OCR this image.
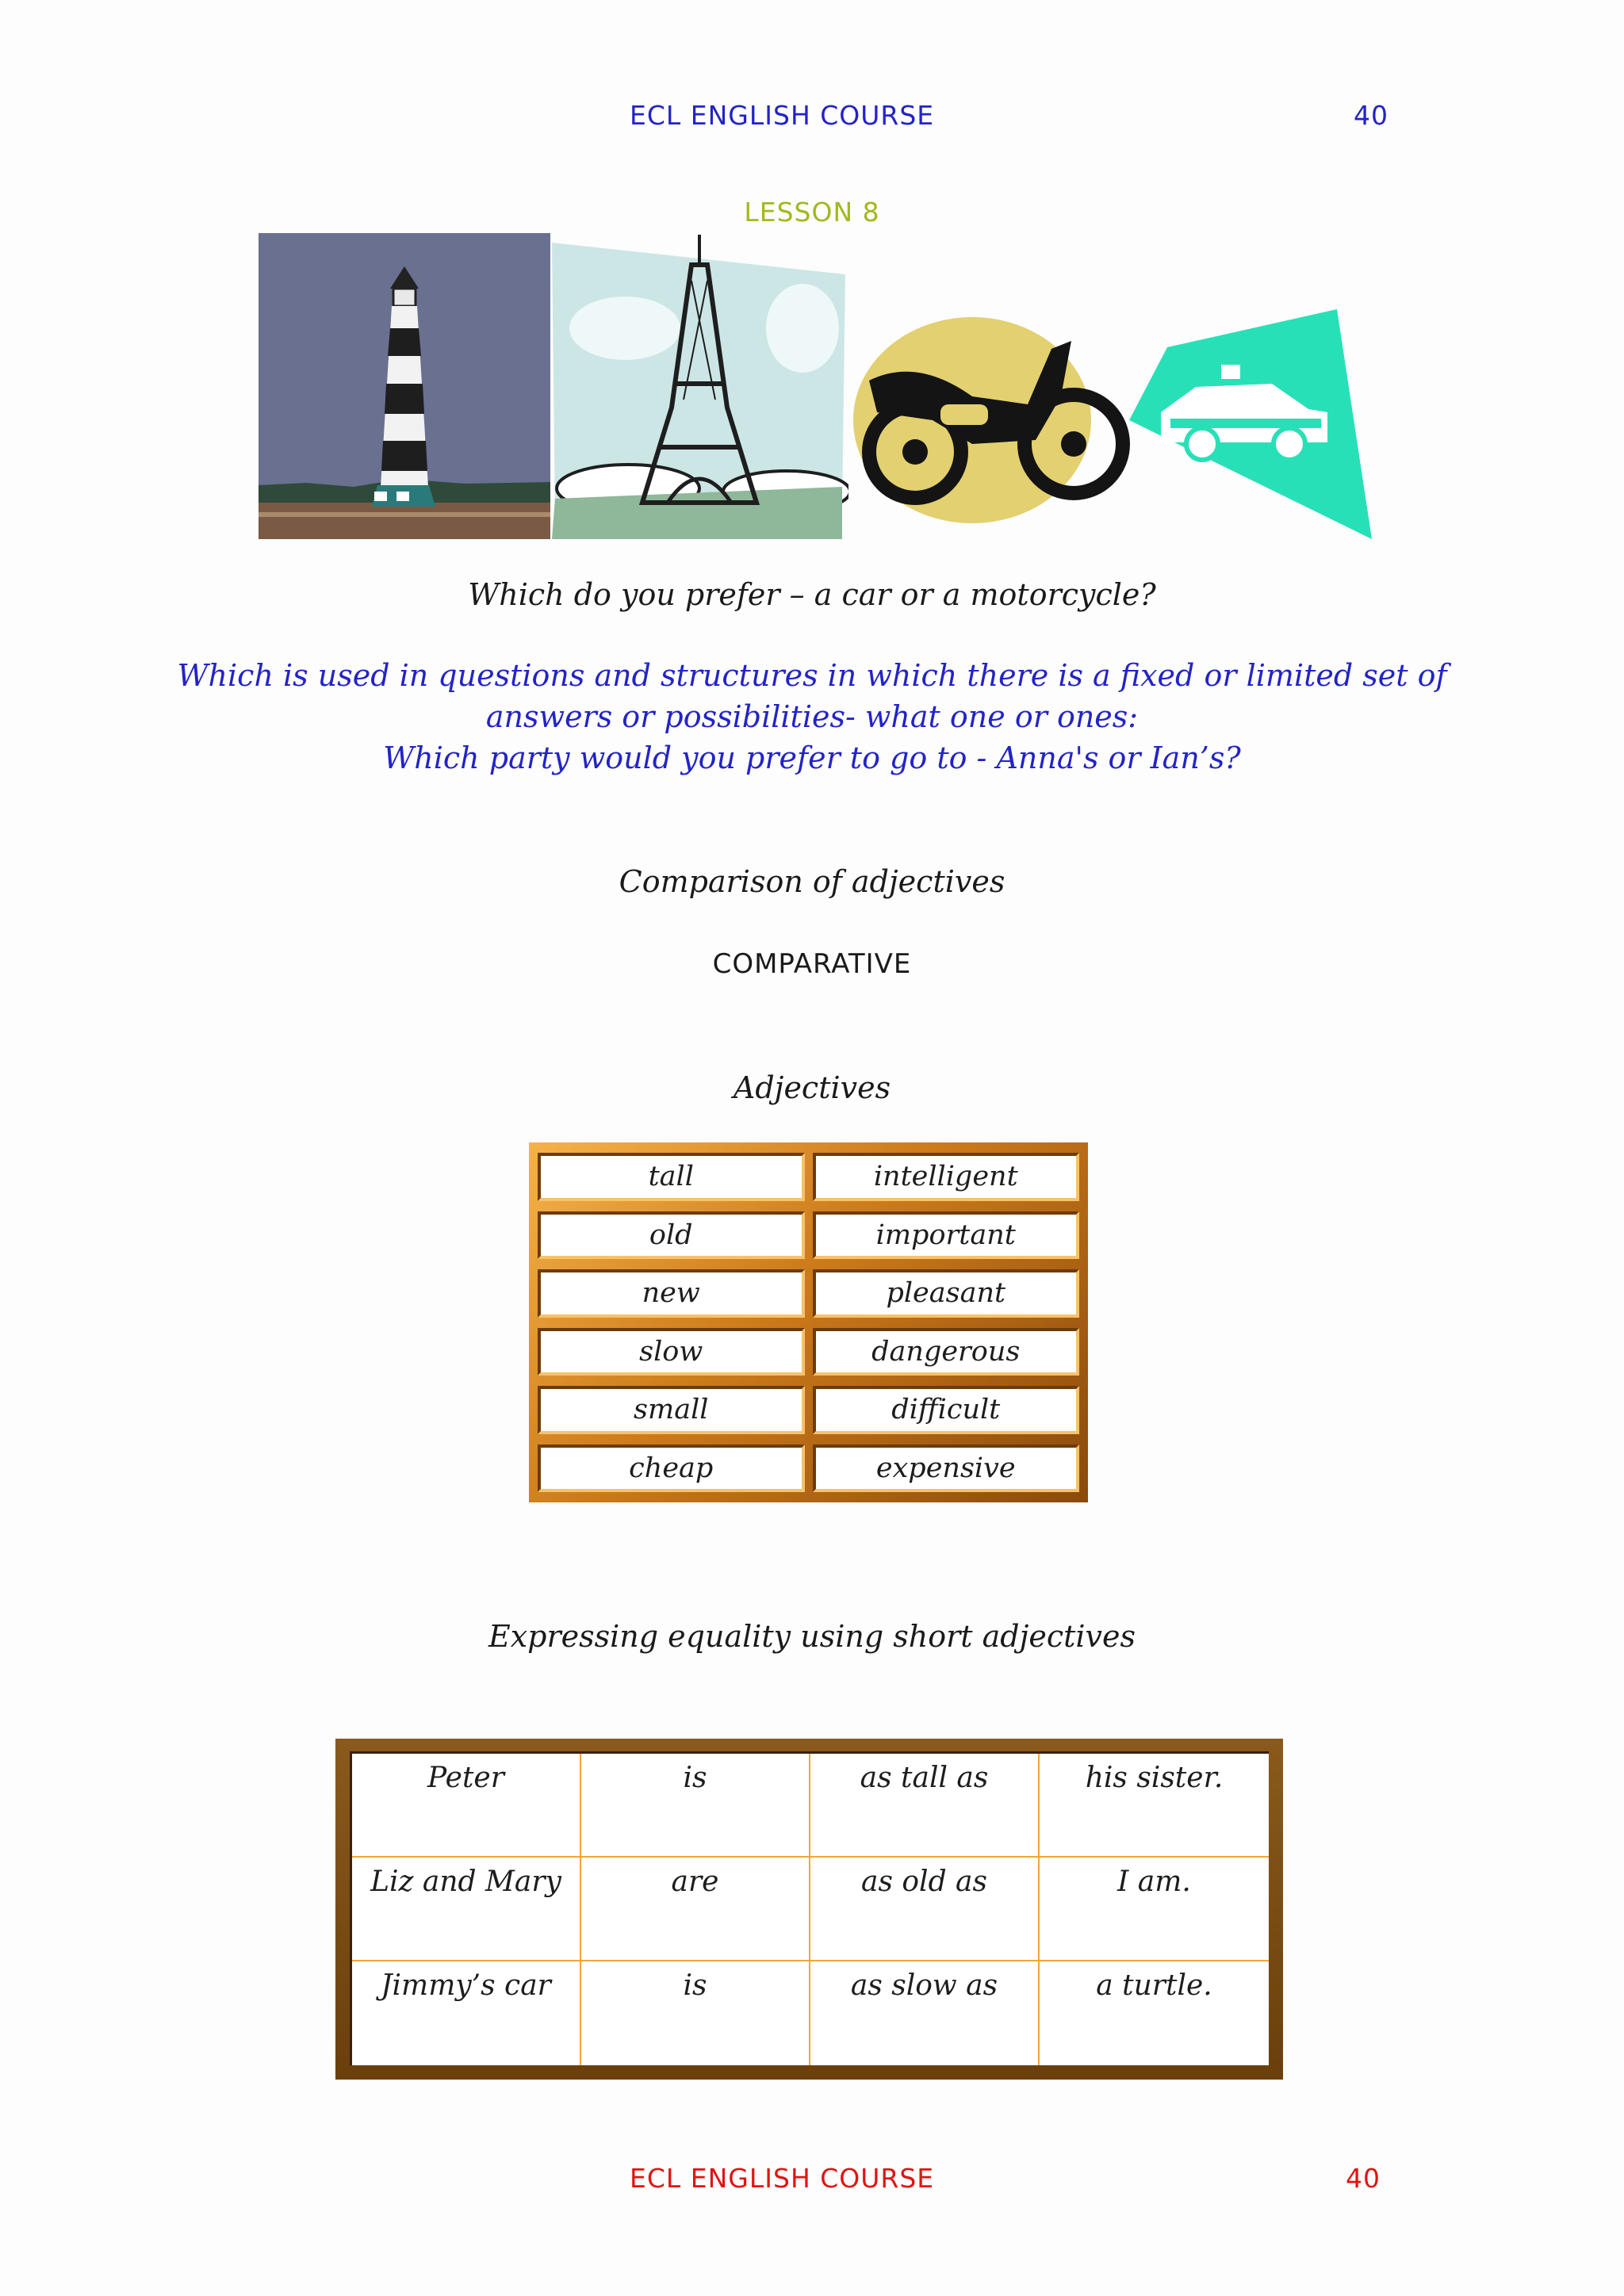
ECL ENGLISH COURSE	40
LESSON 8
Which do you prefer – a car or a motorcycle?
Which is used in questions and structures in which there is a fixed or limited set of
answers or possibilities- what one or ones:
Which party would you prefer to go to - Anna's or Ian’s?
Comparison of adjectives
COMPARATIVE
Adjectives
tall	intelligent
old	important
new	pleasant
slow	dangerous
small	difficult
cheap	expensive
Expressing equality using short adjectives
Peter	is	as tall as	his sister.
Liz and Mary	are	as old as	I am.
Jimmy’s car	is	as slow as	a turtle.
ECL ENGLISH COURSE	40
